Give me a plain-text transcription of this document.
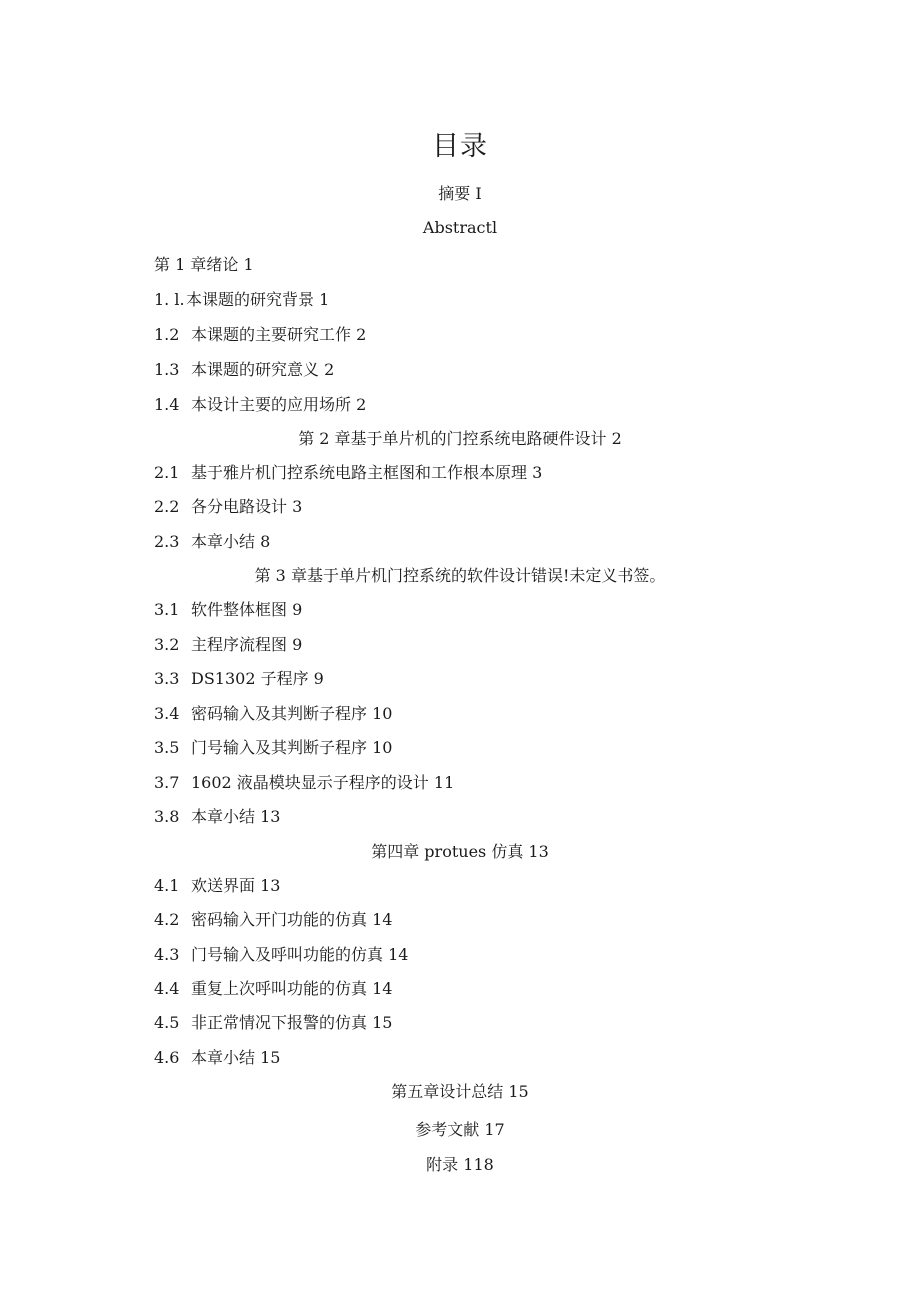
目录
摘要 I
Abstractl
第 1 章绪论 1
1. l.本课题的研究背景 1
1.2 本课题的主要研究工作 2
1.3 本课题的研究意义 2
1.4 本设计主要的应用场所 2
第 2 章基于单片机的门控系统电路硬件设计 2
2.1 基于雅片机门控系统电路主框图和工作根本原理 3
2.2 各分电路设计 3
2.3 本章小结 8
第 3 章基于单片机门控系统的软件设计错误!未定义书签。
3.1 软件整体框图 9
3.2 主程序流程图 9
3.3 DS1302 子程序 9
3.4 密码输入及其判断子程序 10
3.5 门号输入及其判断子程序 10
3.7 1602 液晶模块显示子程序的设计 11
3.8 本章小结 13
第四章 protues 仿真 13
4.1 欢送界面 13
4.2 密码输入开门功能的仿真 14
4.3 门号输入及呼叫功能的仿真 14
4.4 重复上次呼叫功能的仿真 14
4.5 非正常情况下报警的仿真 15
4.6 本章小结 15
第五章设计总结 15
参考文献 17
附录 118
